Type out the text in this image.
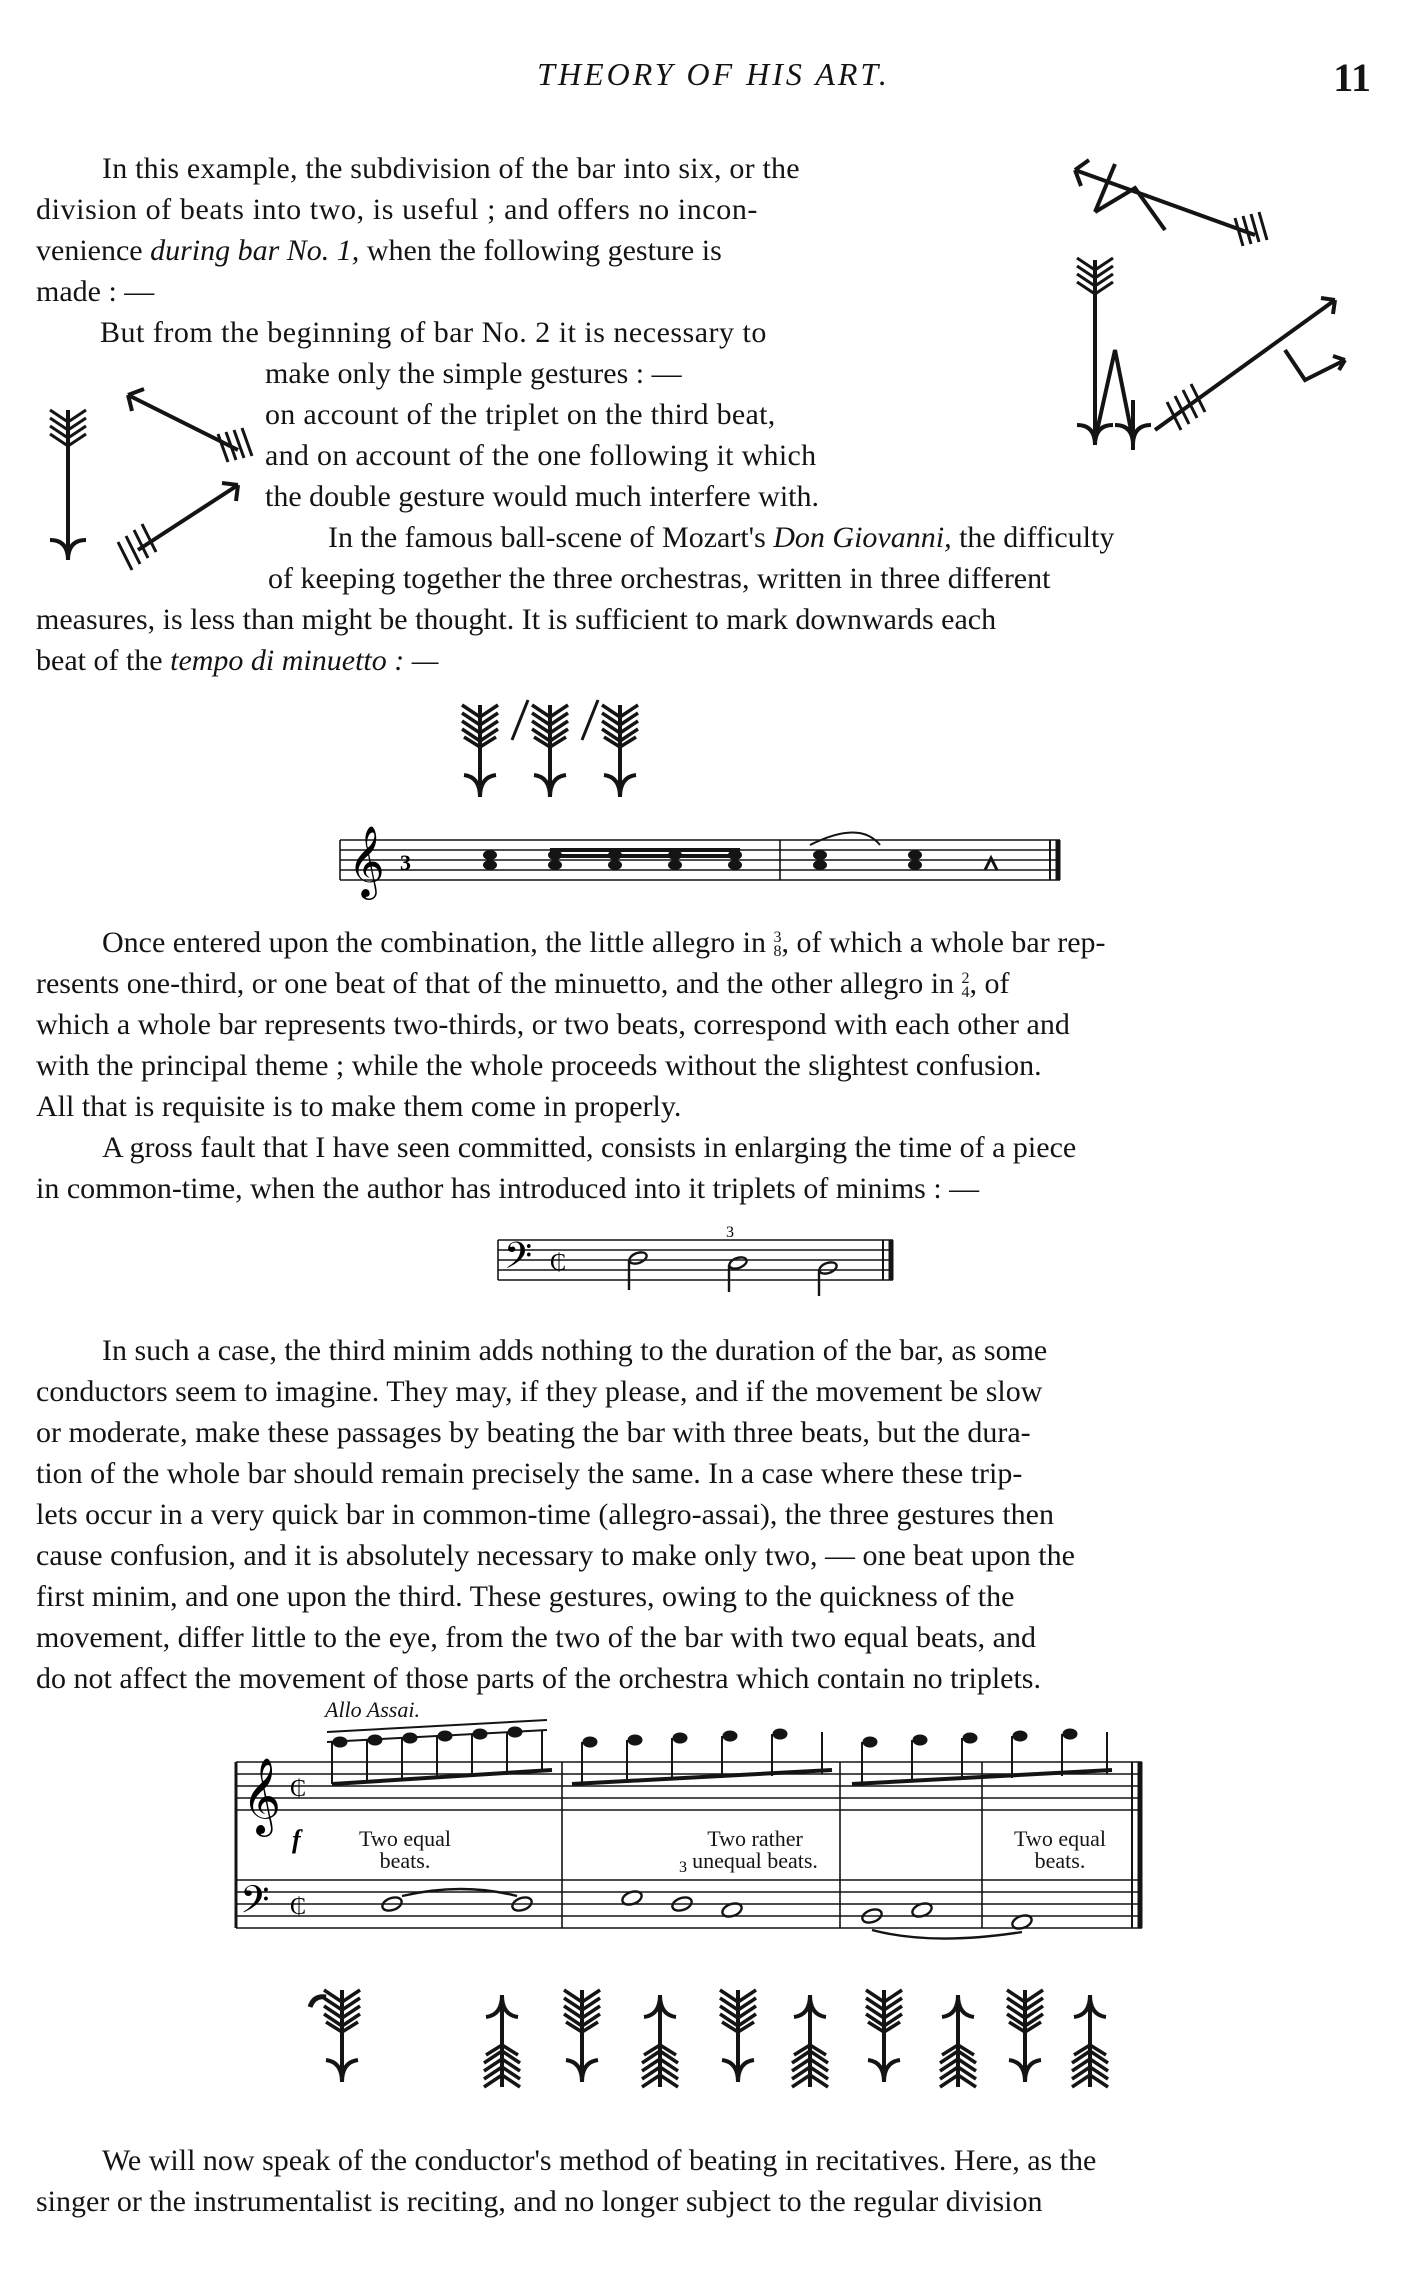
THEORY OF HIS ART.	11
In this example, the subdivision of the bar into six, or the
division of beats into two, is useful ; and offers no incon-
venience during bar No. 1, when the following gesture is
made : —
But from the beginning of bar No. 2 it is necessary to
make only the simple gestures : —
on account of the triplet on the third beat,
and on account of the one following it which
the double gesture would much interfere with.
In the famous ball-scene of Mozart's Don Giovanni, the difficulty
of keeping together the three orchestras, written in three different
measures, is less than might be thought. It is sufficient to mark downwards each
beat of the tempo di minuetto : —
𝄞 3
Once entered upon the combination, the little allegro in 3
8, of which a whole bar rep-
resents one-third, or one beat of that of the minuetto, and the other allegro in 2
4, of
which a whole bar represents two-thirds, or two beats, correspond with each other and
with the principal theme ; while the whole proceeds without the slightest confusion.
All that is requisite is to make them come in properly.
A gross fault that I have seen committed, consists in enlarging the time of a piece
in common-time, when the author has introduced into it triplets of minims : —
𝄢 ₵
3
In such a case, the third minim adds nothing to the duration of the bar, as some
conductors seem to imagine. They may, if they please, and if the movement be slow
or moderate, make these passages by beating the bar with three beats, but the dura-
tion of the whole bar should remain precisely the same. In a case where these trip-
lets occur in a very quick bar in common-time (allegro-assai), the three gestures then
cause confusion, and it is absolutely necessary to make only two, — one beat upon the
first minim, and one upon the third. These gestures, owing to the quickness of the
movement, differ little to the eye, from the two of the bar with two equal beats, and
do not affect the movement of those parts of the orchestra which contain no triplets.
Allo Assai.
𝄞 ₵
𝄢 ₵
f
3
Two equal
beats.
Two rather
unequal beats.
Two equal
beats.
We will now speak of the conductor's method of beating in recitatives. Here, as the
singer or the instrumentalist is reciting, and no longer subject to the regular division
